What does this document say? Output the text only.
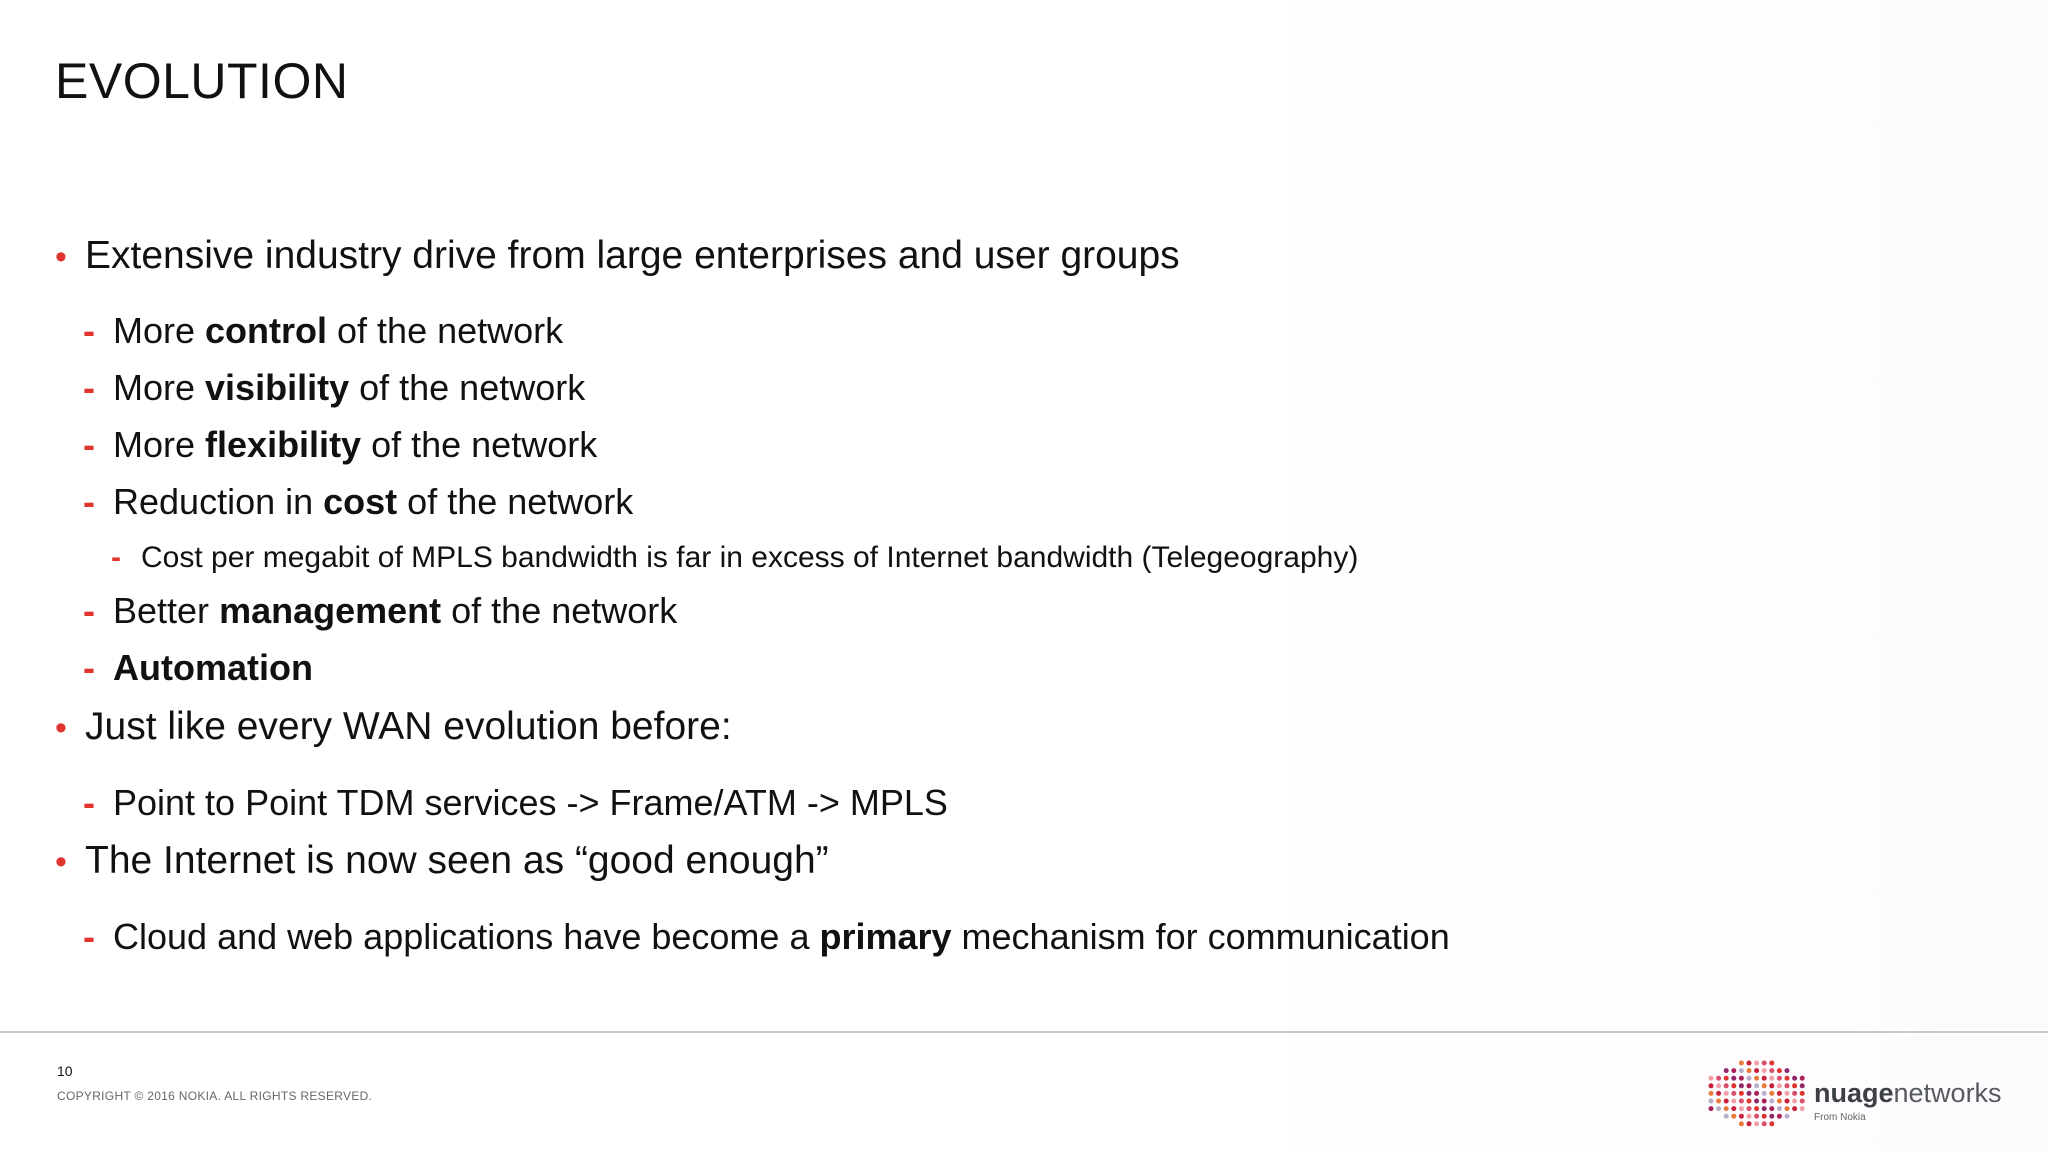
EVOLUTION
• Extensive industry drive from large enterprises and user groups
- More control of the network
- More visibility of the network
- More flexibility of the network
- Reduction in cost of the network
- Cost per megabit of MPLS bandwidth is far in excess of Internet bandwidth (Telegeography)
- Better management of the network
- Automation
• Just like every WAN evolution before:
- Point to Point TDM services -> Frame/ATM -> MPLS
• The Internet is now seen as “good enough”
- Cloud and web applications have become a primary mechanism for communication
10
COPYRIGHT © 2016 NOKIA. ALL RIGHTS RESERVED.	nuagenetworks
From Nokia
